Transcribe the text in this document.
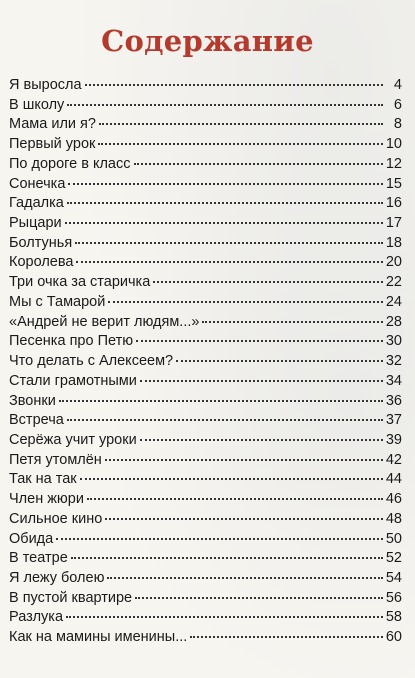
Содержание
Я выросла	4
В школу	6
Мама или я?	8
Первый урок	10
По дороге в класс	12
Сонечка	15
Гадалка	16
Рыцари	17
Болтунья	18
Королева	20
Три очка за старичка	22
Мы с Тамарой	24
«Андрей не верит людям...»	28
Песенка про Петю	30
Что делать с Алексеем?	32
Стали грамотными	34
Звонки	36
Встреча	37
Серёжа учит уроки	39
Петя утомлён	42
Так на так	44
Член жюри	46
Сильное кино	48
Обида	50
В театре	52
Я лежу болею	54
В пустой квартире	56
Разлука	58
Как на мамины именины...	60
